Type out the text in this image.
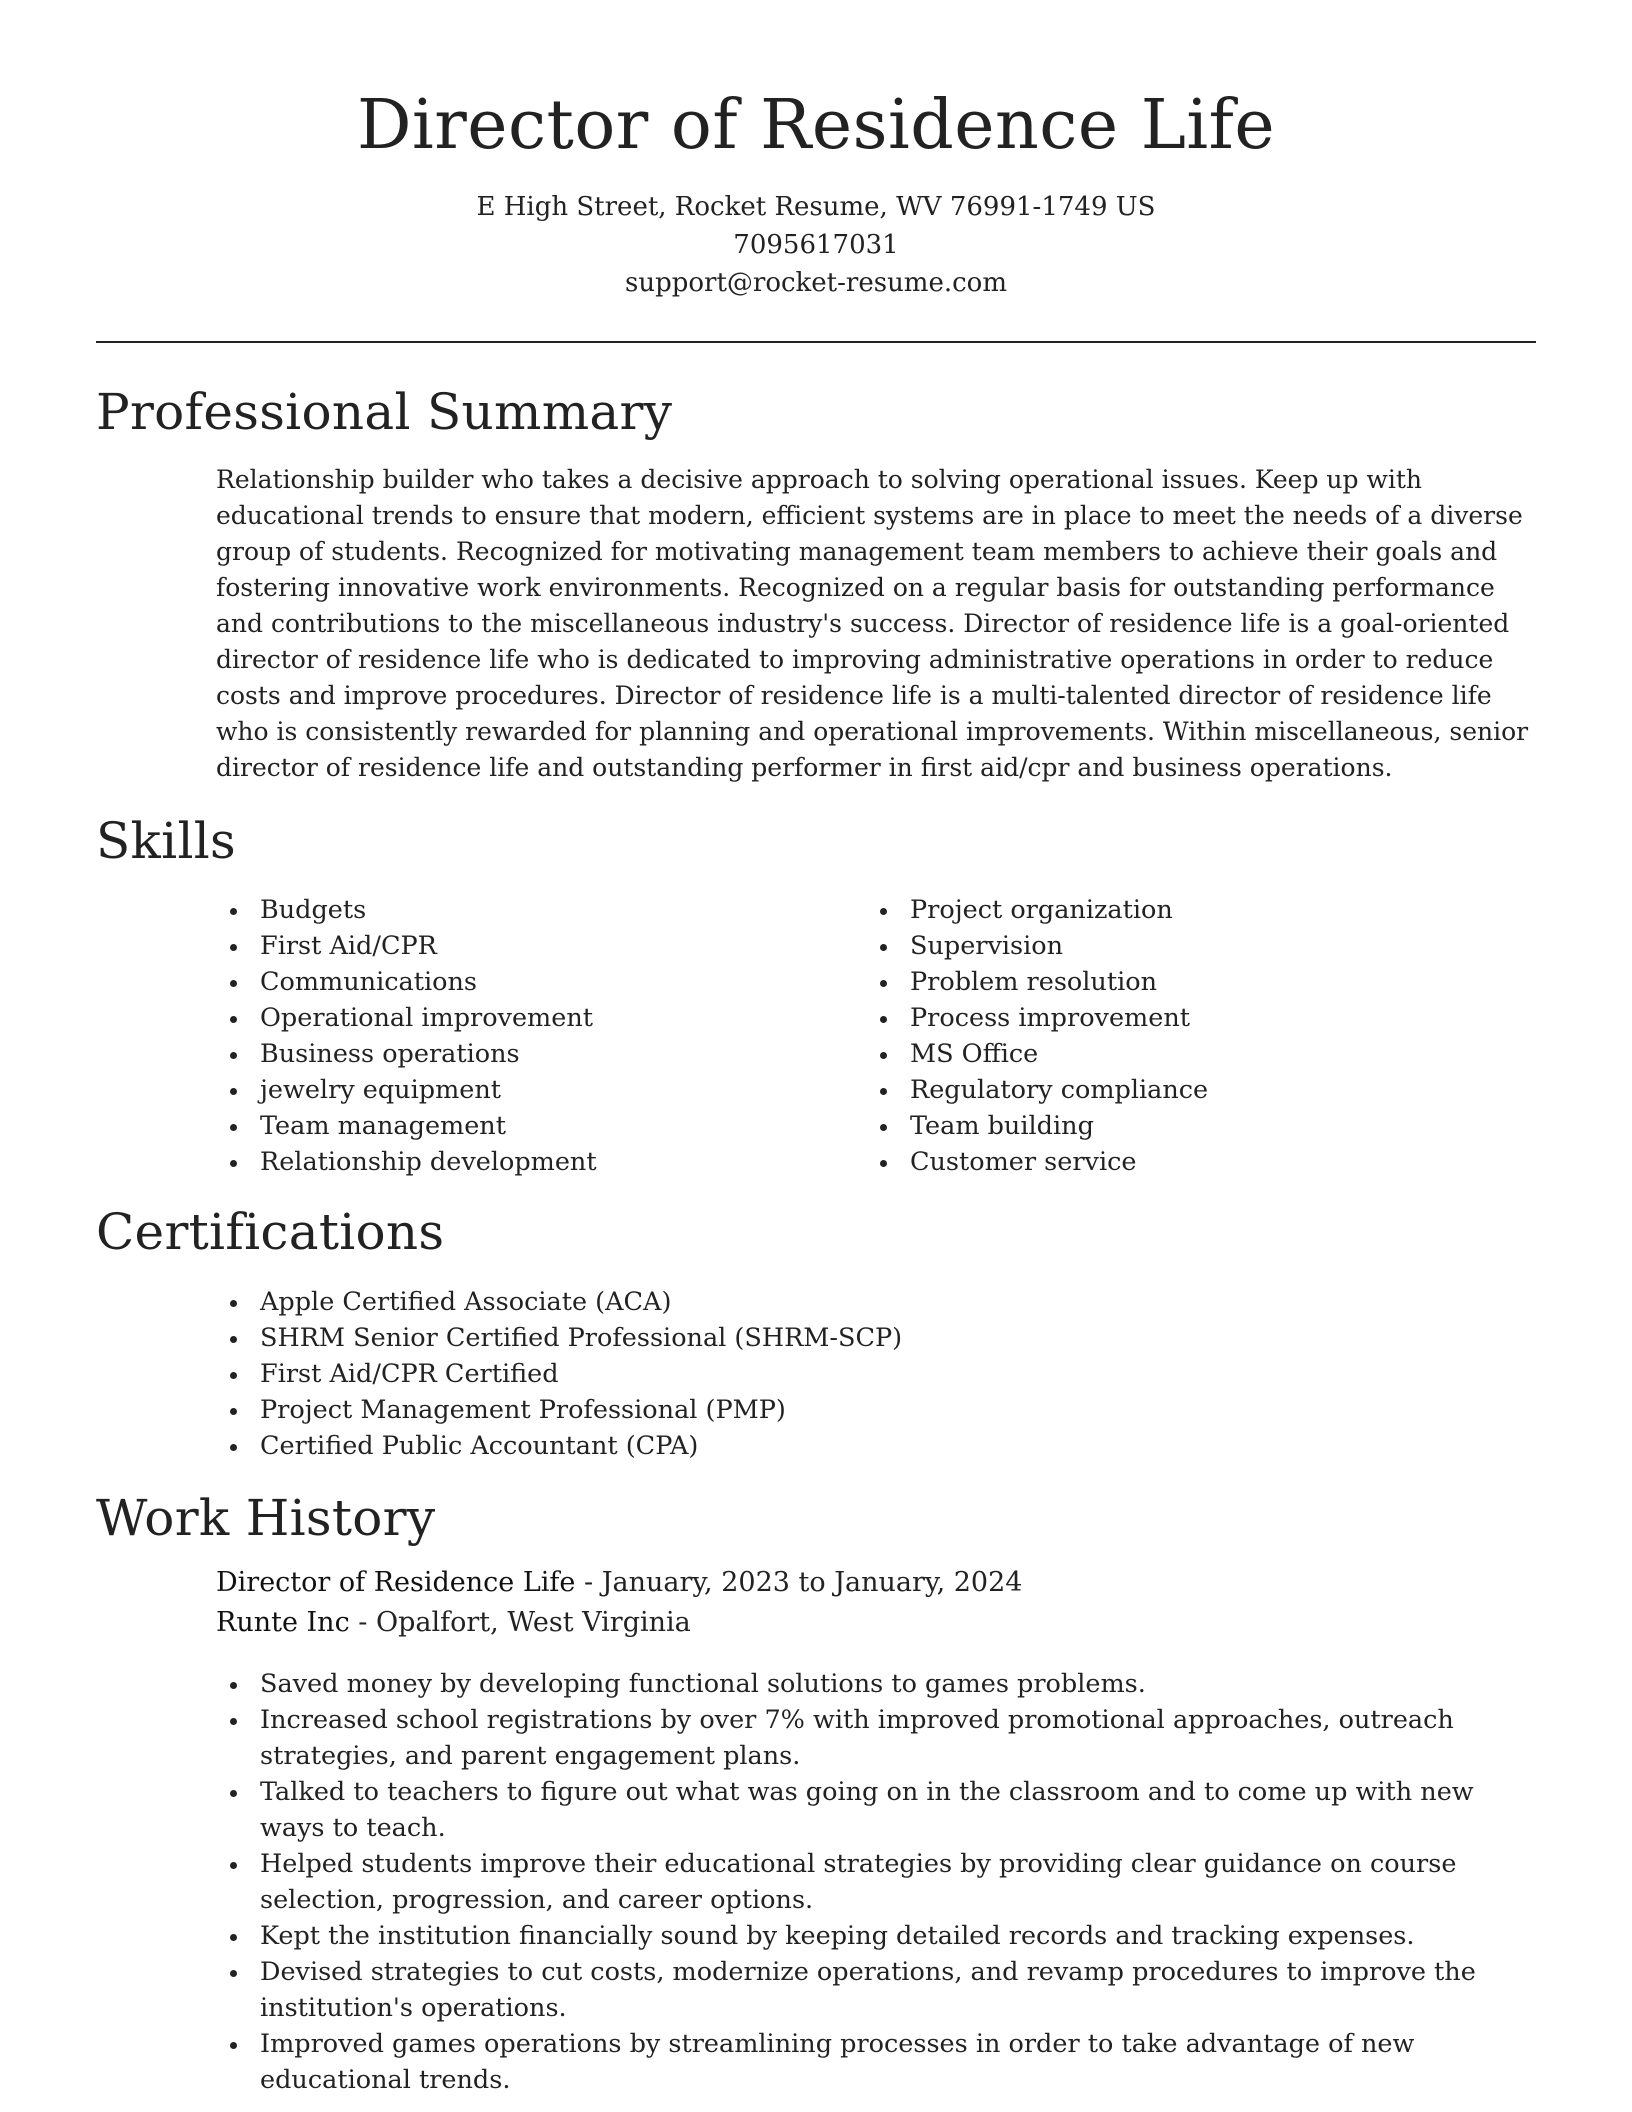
Director of Residence Life

E High Street, Rocket Resume, WV 76991-1749 US

7095617031

support@rocket-resume.com

Professional Summary

Relationship builder who takes a decisive approach to solving operational issues. Keep up with educational trends to ensure that modern, efficient systems are in place to meet the needs of a diverse group of students. Recognized for motivating management team members to achieve their goals and fostering innovative work environments. Recognized on a regular basis for outstanding performance and contributions to the miscellaneous industry's success. Director of residence life is a goal-oriented director of residence life who is dedicated to improving administrative operations in order to reduce costs and improve procedures. Director of residence life is a multi-talented director of residence life who is consistently rewarded for planning and operational improvements. Within miscellaneous, senior director of residence life and outstanding performer in first aid/cpr and business operations.

Skills
Budgets
First Aid/CPR
Communications
Operational improvement
Business operations
jewelry equipment
Team management
Relationship development
Project organization
Supervision
Problem resolution
Process improvement
MS Office
Regulatory compliance
Team building
Customer service
Certifications
Apple Certified Associate (ACA)
SHRM Senior Certified Professional (SHRM-SCP)
First Aid/CPR Certified
Project Management Professional (PMP)
Certified Public Accountant (CPA)
Work History

Director of Residence Life - January, 2023 to January, 2024

Runte Inc - Opalfort, West Virginia

Saved money by developing functional solutions to games problems.
Increased school registrations by over 7% with improved promotional approaches, outreach strategies, and parent engagement plans.
Talked to teachers to figure out what was going on in the classroom and to come up with new ways to teach.
Helped students improve their educational strategies by providing clear guidance on course selection, progression, and career options.
Kept the institution financially sound by keeping detailed records and tracking expenses.
Devised strategies to cut costs, modernize operations, and revamp procedures to improve the institution's operations.
Improved games operations by streamlining processes in order to take advantage of new educational trends.
